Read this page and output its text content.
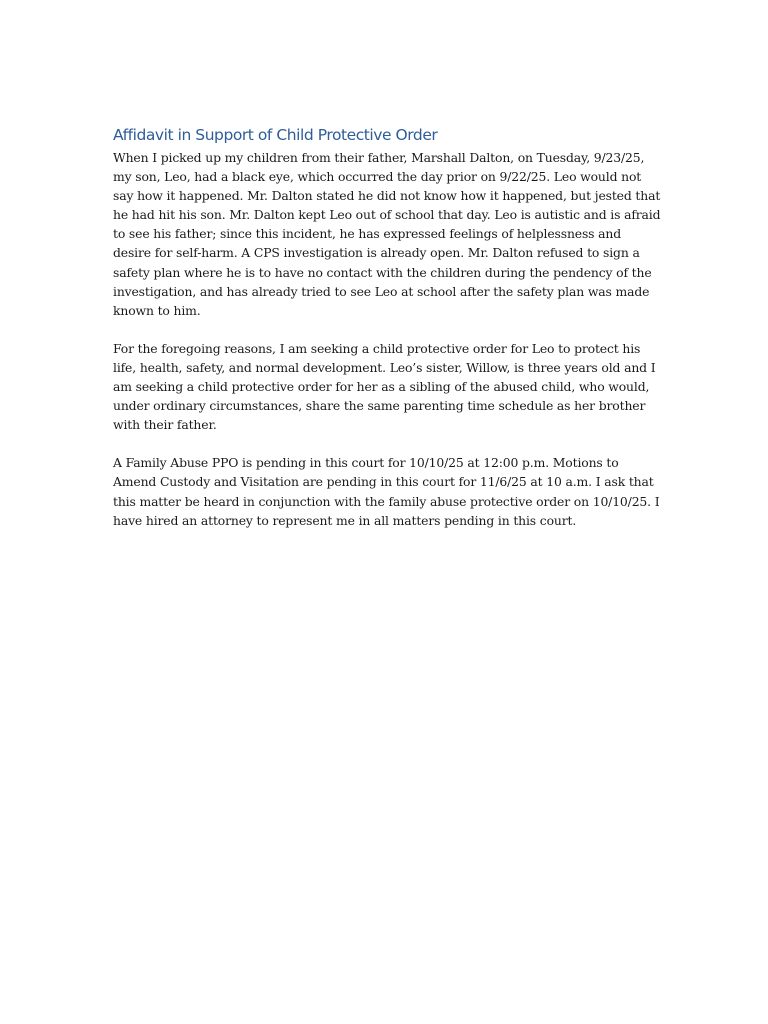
Affidavit in Support of Child Protective Order

When I picked up my children from their father, Marshall Dalton, on Tuesday, 9/23/25, my son, Leo, had a black eye, which occurred the day prior on 9/22/25. Leo would not say how it happened. Mr. Dalton stated he did not know how it happened, but jested that he had hit his son. Mr. Dalton kept Leo out of school that day. Leo is autistic and is afraid to see his father; since this incident, he has expressed feelings of helplessness and desire for self-harm. A CPS investigation is already open. Mr. Dalton refused to sign a safety plan where he is to have no contact with the children during the pendency of the investigation, and has already tried to see Leo at school after the safety plan was made known to him.

For the foregoing reasons, I am seeking a child protective order for Leo to protect his life, health, safety, and normal development. Leo’s sister, Willow, is three years old and I am seeking a child protective order for her as a sibling of the abused child, who would, under ordinary circumstances, share the same parenting time schedule as her brother with their father.

A Family Abuse PPO is pending in this court for 10/10/25 at 12:00 p.m. Motions to Amend Custody and Visitation are pending in this court for 11/6/25 at 10 a.m. I ask that this matter be heard in conjunction with the family abuse protective order on 10/10/25. I have hired an attorney to represent me in all matters pending in this court.
